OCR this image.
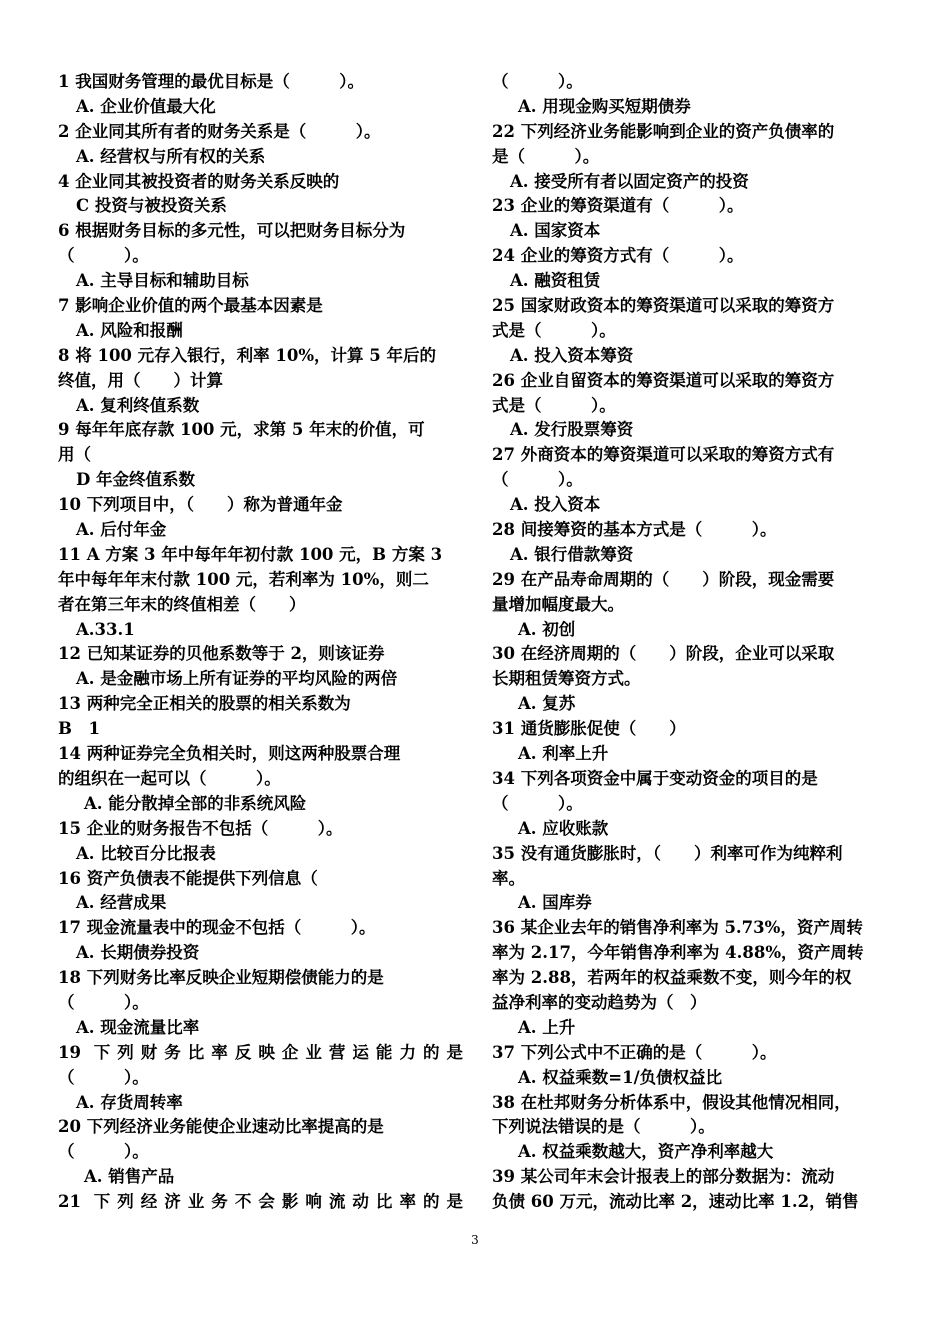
1 我国财务管理的最优目标是（　　　）。
A. 企业价值最大化
2 企业同其所有者的财务关系是（　　　）。
A. 经营权与所有权的关系
4 企业同其被投资者的财务关系反映的
C 投资与被投资关系
6 根据财务目标的多元性，可以把财务目标分为
（　　　）。
A. 主导目标和辅助目标
7 影响企业价值的两个最基本因素是
A. 风险和报酬
8 将 100 元存入银行，利率 10%，计算 5 年后的
终值，用（　　）计算
A. 复利终值系数
9 每年年底存款 100 元，求第 5 年末的价值，可
用（
D 年金终值系数
10 下列项目中，（　　）称为普通年金
A. 后付年金
11 A 方案 3 年中每年年初付款 100 元，B 方案 3
年中每年年末付款 100 元，若利率为 10%，则二
者在第三年末的终值相差（　　）
A.33.1
12 已知某证券的贝他系数等于 2，则该证券
A. 是金融市场上所有证券的平均风险的两倍
13 两种完全正相关的股票的相关系数为
B　1
14 两种证券完全负相关时，则这两种股票合理
的组织在一起可以（　　　）。
A. 能分散掉全部的非系统风险
15 企业的财务报告不包括（　　　）。
A. 比较百分比报表
16 资产负债表不能提供下列信息（
A. 经营成果
17 现金流量表中的现金不包括（　　　）。
A. 长期债券投资
18 下列财务比率反映企业短期偿债能力的是
（　　　）。
A. 现金流量比率
19 下列财务比率反映企业营运能力的是
（　　　）。
A. 存货周转率
20 下列经济业务能使企业速动比率提高的是
（　　　）。
A. 销售产品
21 下列经济业务不会影响流动比率的是
（　　　）。
A. 用现金购买短期债券
22 下列经济业务能影响到企业的资产负债率的
是（　　　）。
A. 接受所有者以固定资产的投资
23 企业的筹资渠道有（　　　）。
A. 国家资本
24 企业的筹资方式有（　　　）。
A. 融资租赁
25 国家财政资本的筹资渠道可以采取的筹资方
式是（　　　）。
A. 投入资本筹资
26 企业自留资本的筹资渠道可以采取的筹资方
式是（　　　）。
A. 发行股票筹资
27 外商资本的筹资渠道可以采取的筹资方式有
（　　　）。
A. 投入资本
28 间接筹资的基本方式是（　　　）。
A. 银行借款筹资
29 在产品寿命周期的（　　）阶段，现金需要
量增加幅度最大。
A. 初创
30 在经济周期的（　　）阶段，企业可以采取
长期租赁筹资方式。
A. 复苏
31 通货膨胀促使（　　）
A. 利率上升
34 下列各项资金中属于变动资金的项目的是
（　　　）。
A. 应收账款
35 没有通货膨胀时，（　　）利率可作为纯粹利
率。
A. 国库券
36 某企业去年的销售净利率为 5.73%，资产周转
率为 2.17，今年销售净利率为 4.88%，资产周转
率为 2.88，若两年的权益乘数不变，则今年的权
益净利率的变动趋势为（　）
A. 上升
37 下列公式中不正确的是（　　　）。
A. 权益乘数=1/负债权益比
38 在杜邦财务分析体系中，假设其他情况相同，
下列说法错误的是（　　　）。
A. 权益乘数越大，资产净利率越大
39 某公司年末会计报表上的部分数据为：流动
负债 60 万元，流动比率 2，速动比率 1.2，销售
3
